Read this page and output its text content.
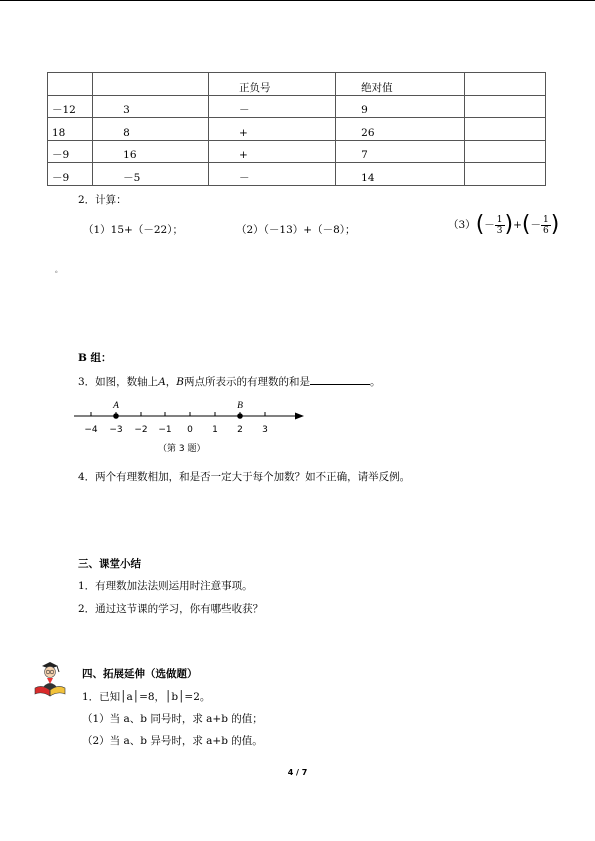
		正负号	绝对值	
－12	3	－	9	
18	8	+	26	
－9	16	+	7	
－9	－5	－	14	
2．计算：
（1）15+（－22）；	（2）（－13）+（－8）；	$(3)(- \frac{1}{3}$ )+(－ $\frac{1}{6}$ )
。
B 组：
3．如图，数轴上A，B两点所表示的有理数的和是	。
A	B
−4 −3 −2 −1 0 1 2 3
（第 3 题）
4．两个有理数相加，和是否一定大于每个加数？如不正确，请举反例。
三、课堂小结
1．有理数加法法则运用时注意事项。
2．通过这节课的学习，你有哪些收获？
四、拓展延伸（选做题）
1．已知│a│=8，│b│=2。
（1）当 a、b 同号时，求 a+b 的值；
（2）当 a、b 异号时，求 a+b 的值。
4 / 7
